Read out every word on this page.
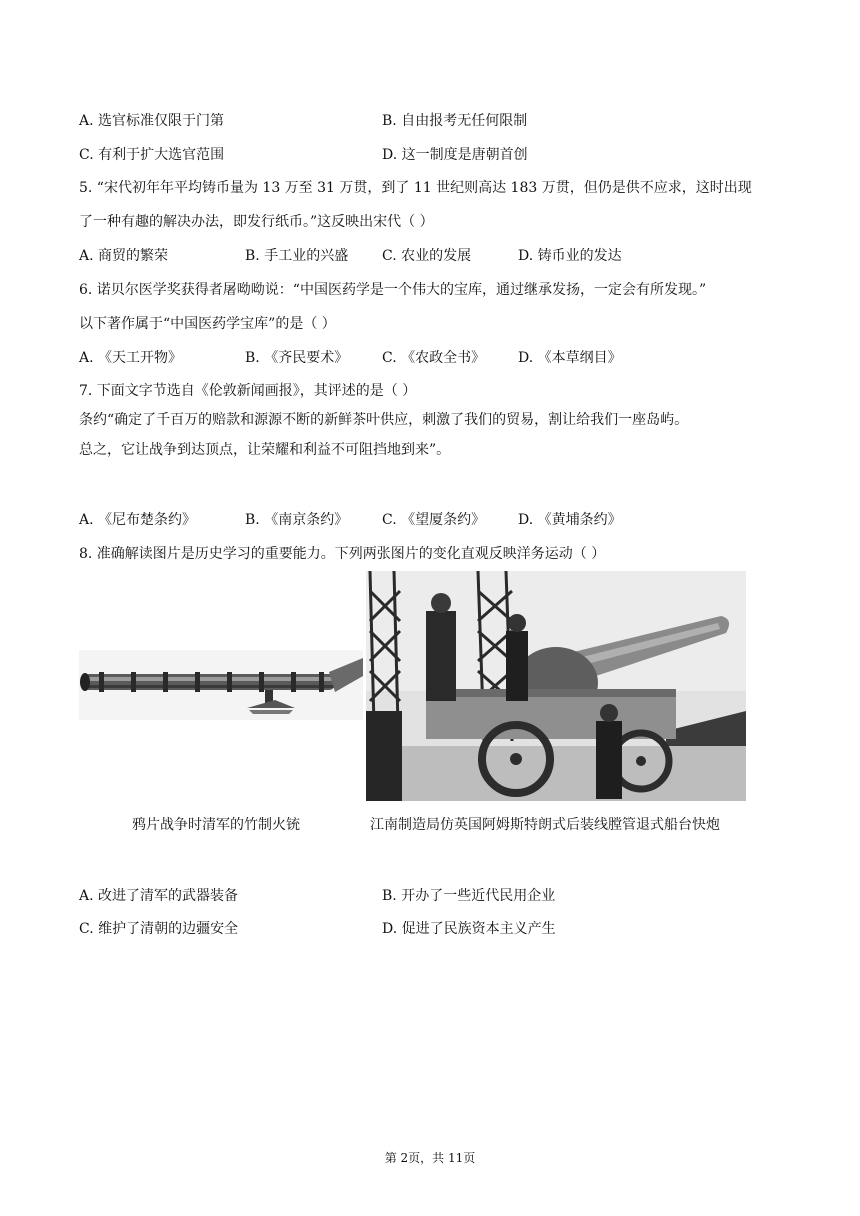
A. 选官标准仅限于门第	B. 自由报考无任何限制
C. 有利于扩大选官范围	D. 这一制度是唐朝首创
5. “宋代初年年平均铸币量为 13 万至 31 万贯，到了 11 世纪则高达 183 万贯，但仍是供不应求，这时出现
了一种有趣的解决办法，即发行纸币。”这反映出宋代（ ）
A. 商贸的繁荣	B. 手工业的兴盛 C. 农业的发展	D. 铸币业的发达
6. 诺贝尔医学奖获得者屠呦呦说：“中国医药学是一个伟大的宝库，通过继承发扬，一定会有所发现。”
以下著作属于“中国医药学宝库”的是（ ）
A. 《天工开物》	B. 《齐民要术》 C. 《农政全书》 D. 《本草纲目》
7. 下面文字节选自《伦敦新闻画报》，其评述的是（ ）
条约“确定了千百万的赔款和源源不断的新鲜茶叶供应，刺激了我们的贸易，割让给我们一座岛屿。
总之，它让战争到达顶点，让荣耀和利益不可阻挡地到来”。
A. 《尼布楚条约》	B. 《南京条约》 C. 《望厦条约》 D. 《黄埔条约》
8. 准确解读图片是历史学习的重要能力。下列两张图片的变化直观反映洋务运动（ ）
鸦片战争时清军的竹制火铳	江南制造局仿英国阿姆斯特朗式后装线膛管退式船台快炮
A. 改进了清军的武器装备	B. 开办了一些近代民用企业
C. 维护了清朝的边疆安全	D. 促进了民族资本主义产生
第 2页，共 11页
